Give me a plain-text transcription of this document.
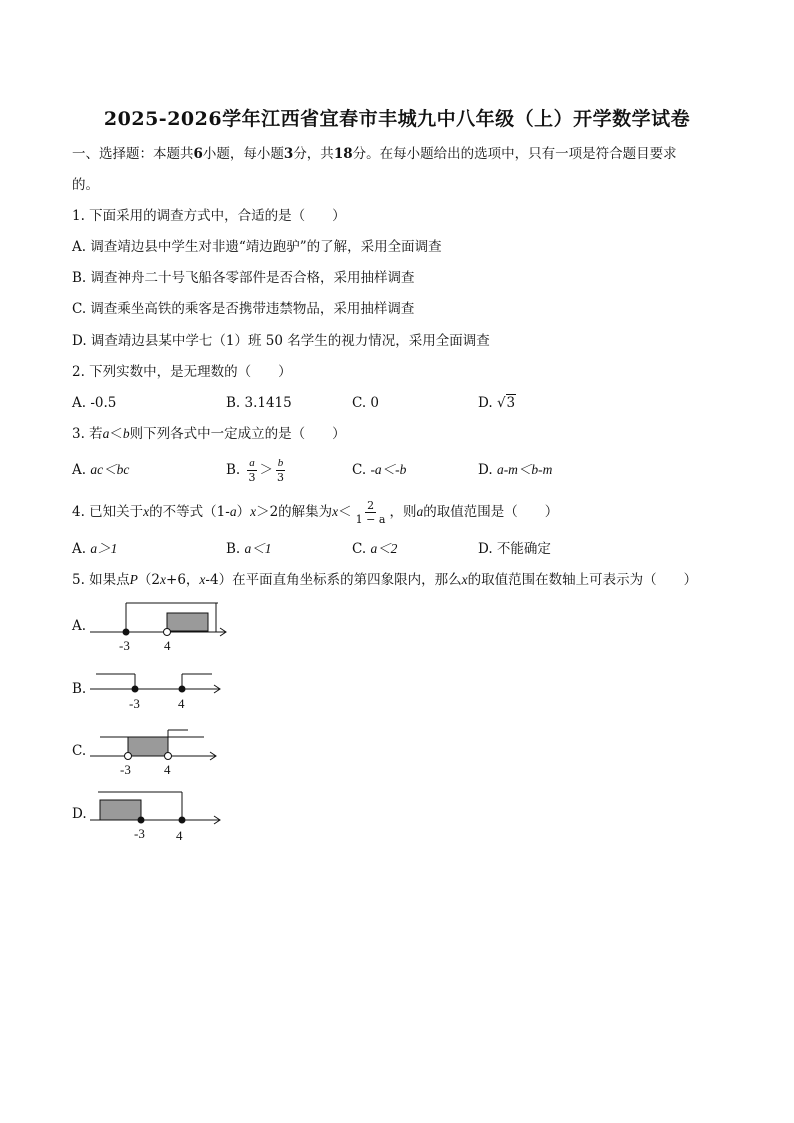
2025-2026学年江西省宜春市丰城九中八年级（上）开学数学试卷
一、选择题：本题共6小题，每小题3分，共18分。在每小题给出的选项中，只有一项是符合题目要求
的。
1. 下面采用的调查方式中，合适的是（　　）
A. 调查靖边县中学生对非遗“靖边跑驴”的了解，采用全面调查
B. 调查神舟二十号飞船各零部件是否合格，采用抽样调查
C. 调查乘坐高铁的乘客是否携带违禁物品，采用抽样调查
D. 调查靖边县某中学七（1）班 50 名学生的视力情况，采用全面调查
2. 下列实数中，是无理数的（　　）
A. -0.5	B. 3.1415	C. 0	D. √3
3. 若a＜b则下列各式中一定成立的是（　　）
A. ac＜bc	B. $\frac{a}{3} > \frac{b}{3}$	C. -a＜-b	D. a-m＜b-m
4. 已知关于x的不等式（1-a）x＞2的解集为$x< \frac{2}{1 - a}$ ，则a的取值范围是（　　）
A. a＞1	B. a＜1	C. a＜2	D. 不能确定
5. 如果点P（2x+6，x-4）在平面直角坐标系的第四象限内，那么x的取值范围在数轴上可表示为（　　）
A.
-3	4
B.
-3	4
C.
-3	4
D.
-3 4
